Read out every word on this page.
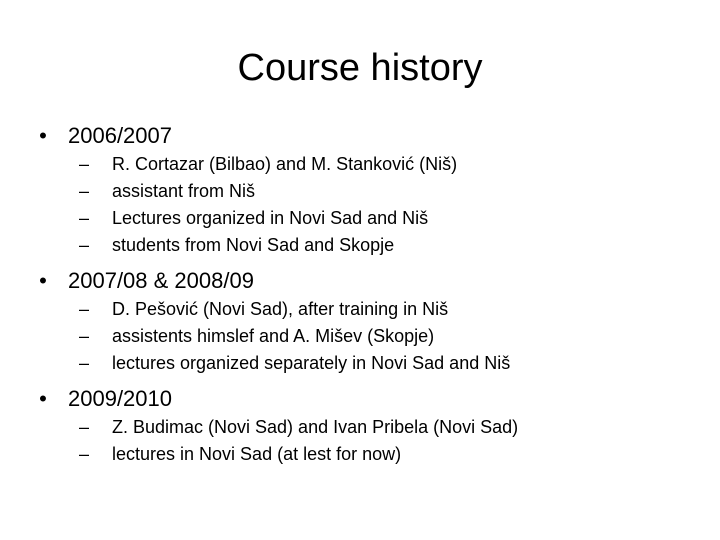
Course history
• 2006/2007
– R. Cortazar (Bilbao) and M. Stanković (Niš)
– assistant from Niš
– Lectures organized in Novi Sad and Niš
– students from Novi Sad and Skopje
• 2007/08 & 2008/09
– D. Pešović (Novi Sad), after training in Niš
– assistents himslef and A. Mišev (Skopje)
– lectures organized separately in Novi Sad and Niš
• 2009/2010
– Z. Budimac (Novi Sad) and Ivan Pribela (Novi Sad)
– lectures in Novi Sad (at lest for now)
